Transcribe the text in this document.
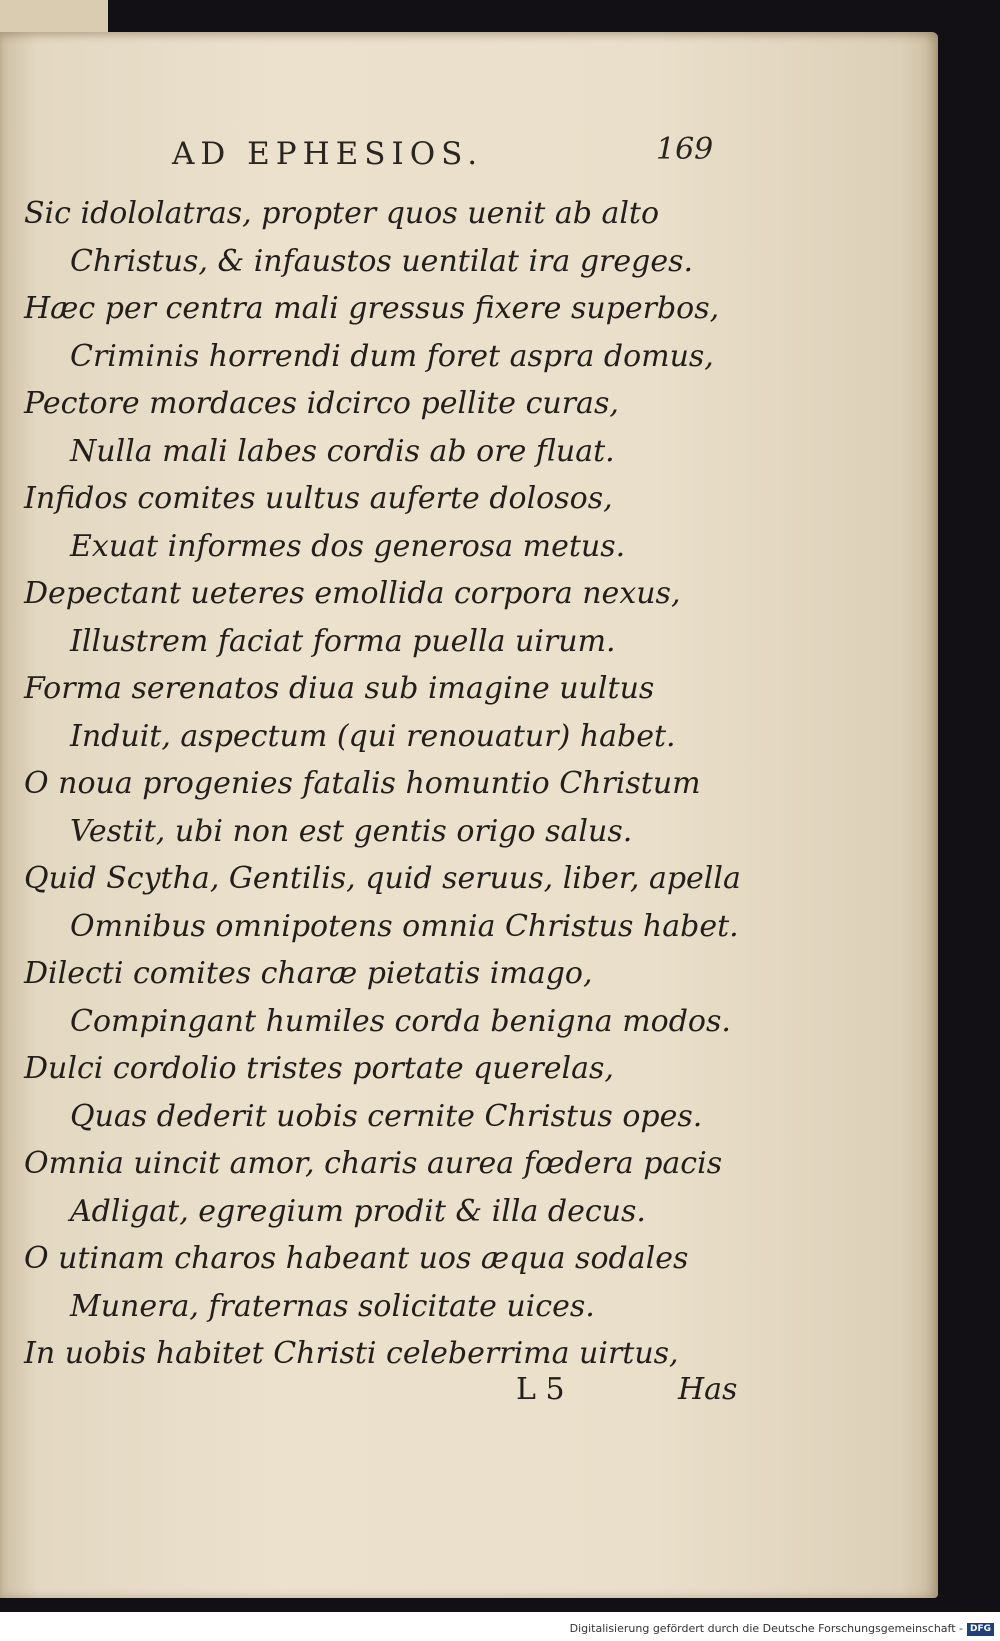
AD EPHESIOS.	169
Sic idololatras, propter quos uenit ab alto
Christus, & infaustos uentilat ira greges.
Hæc per centra mali gressus fixere superbos,
Criminis horrendi dum foret aspra domus,
Pectore mordaces idcirco pellite curas,
Nulla mali labes cordis ab ore fluat.
Infidos comites uultus auferte dolosos,
Exuat informes dos generosa metus.
Depectant ueteres emollida corpora nexus,
Illustrem faciat forma puella uirum.
Forma serenatos diua sub imagine uultus
Induit, aspectum (qui renouatur) habet.
O noua progenies fatalis homuntio Christum
Vestit, ubi non est gentis origo salus.
Quid Scytha, Gentilis, quid seruus, liber, apella
Omnibus omnipotens omnia Christus habet.
Dilecti comites charæ pietatis imago,
Compingant humiles corda benigna modos.
Dulci cordolio tristes portate querelas,
Quas dederit uobis cernite Christus opes.
Omnia uincit amor, charis aurea fœdera pacis
Adligat, egregium prodit & illa decus.
O utinam charos habeant uos æqua sodales
Munera, fraternas solicitate uices.
In uobis habitet Christi celeberrima uirtus,
L 5	Has
Digitalisierung gefördert durch die Deutsche Forschungsgemeinschaft - DFG
